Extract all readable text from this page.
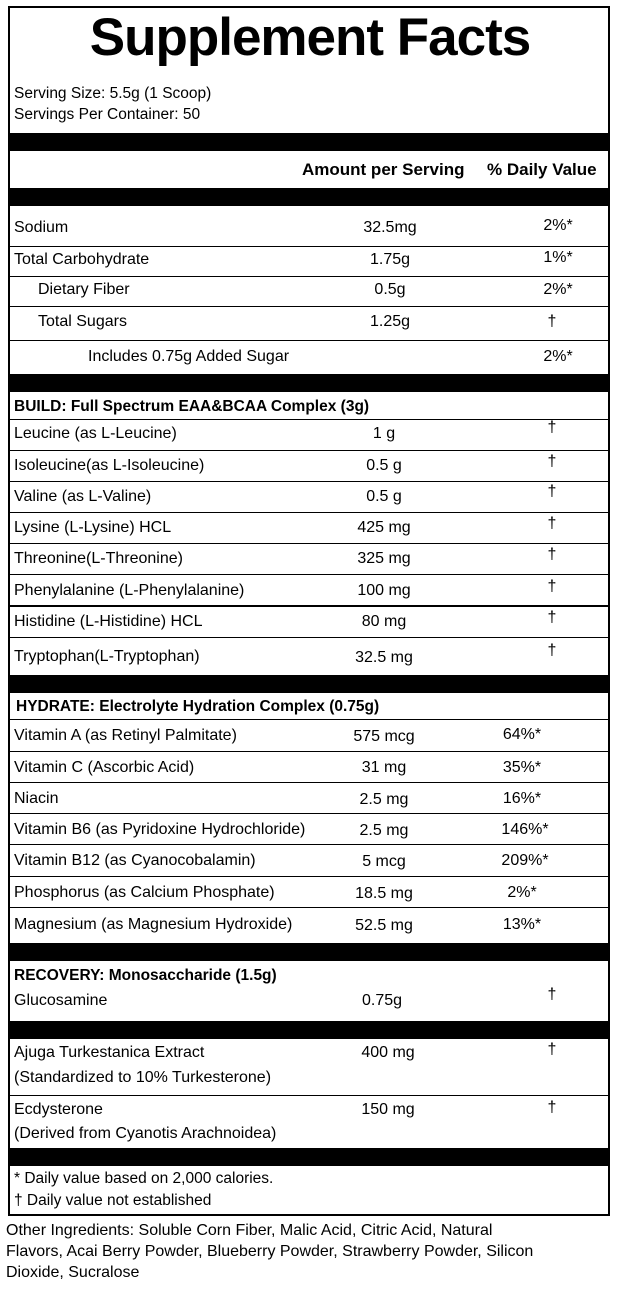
Supplement Facts
Serving Size: 5.5g (1 Scoop)
Servings Per Container: 50
Amount per Serving % Daily Value
Sodium	32.5mg	2%*
Total Carbohydrate	1.75g	1%*
Dietary Fiber	0.5g	2%*
Total Sugars	1.25g	†
Includes 0.75g Added Sugar	2%*
BUILD: Full Spectrum EAA&BCAA Complex (3g)
Leucine (as L-Leucine)	1 g	†
Isoleucine(as L-Isoleucine)	0.5 g	†
Valine (as L-Valine)	0.5 g	†
Lysine (L-Lysine) HCL	425 mg	†
Threonine(L-Threonine)	325 mg	†
Phenylalanine (L-Phenylalanine)	100 mg	†
Histidine (L-Histidine) HCL	80 mg	†
Tryptophan(L-Tryptophan)	32.5 mg	†
HYDRATE: Electrolyte Hydration Complex (0.75g)
Vitamin A (as Retinyl Palmitate)	575 mcg	64%*
Vitamin C (Ascorbic Acid)	31 mg	35%*
Niacin	2.5 mg	16%*
Vitamin B6 (as Pyridoxine Hydrochloride)	2.5 mg	146%*
Vitamin B12 (as Cyanocobalamin)	5 mcg	209%*
Phosphorus (as Calcium Phosphate)	18.5 mg	2%*
Magnesium (as Magnesium Hydroxide)	52.5 mg	13%*
RECOVERY: Monosaccharide (1.5g)
Glucosamine	0.75g	†
Ajuga Turkestanica Extract
(Standardized to 10% Turkesterone)
400 mg	†
Ecdysterone
(Derived from Cyanotis Arachnoidea)
150 mg	†
* Daily value based on 2,000 calories.
† Daily value not established
Other Ingredients: Soluble Corn Fiber, Malic Acid, Citric Acid, Natural
Flavors, Acai Berry Powder, Blueberry Powder, Strawberry Powder, Silicon
Dioxide, Sucralose
